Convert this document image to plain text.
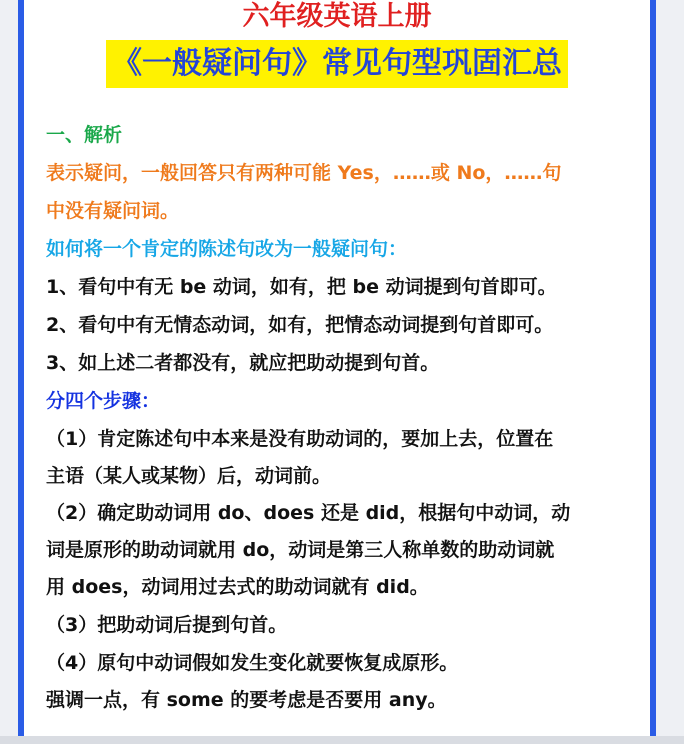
六年级英语上册
《一般疑问句》常见句型巩固汇总
一、解析
表示疑问，一般回答只有两种可能 Yes，……或 No，……句
中没有疑问词。
如何将一个肯定的陈述句改为一般疑问句：
1、看句中有无 be 动词，如有，把 be 动词提到句首即可。
2、看句中有无情态动词，如有，把情态动词提到句首即可。
3、如上述二者都没有，就应把助动提到句首。
分四个步骤：
（1）肯定陈述句中本来是没有助动词的，要加上去，位置在
主语（某人或某物）后，动词前。
（2）确定助动词用 do、does 还是 did，根据句中动词，动
词是原形的助动词就用 do，动词是第三人称单数的助动词就
用 does，动词用过去式的助动词就有 did。
（3）把助动词后提到句首。
（4）原句中动词假如发生变化就要恢复成原形。
强调一点，有 some 的要考虑是否要用 any。
